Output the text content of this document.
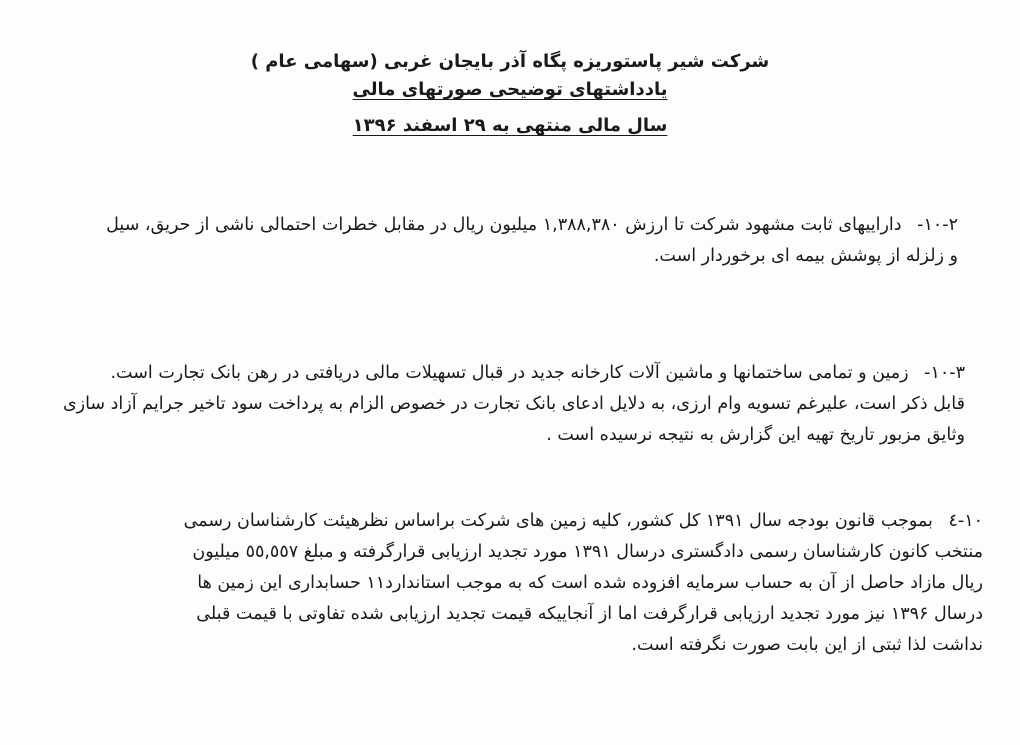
شرکت شیر پاستوریزه پگاه آذر بایجان غربی (سهامی عام )
یادداشتهای توضیحی صورتهای مالی
سال مالی منتهی به ۲۹ اسفند ۱۳۹۶

۱۰-۲- دارایيهای ثابت مشهود شرکت تا ارزش ۱,۳۸۸,۳۸۰ میلیون ریال در مقابل خطرات احتمالی ناشی از حریق، سیل

و زلزله از پوشش بیمه ای برخوردار است.

۱۰-۳- زمین و تمامی ساختمانها و ماشین آلات کارخانه جدید در قبال تسهیلات مالی دریافتی در رهن بانک تجارت است.

قابل ذکر است، علیرغم تسویه وام ارزی، به دلایل ادعای بانک تجارت در خصوص الزام به پرداخت سود تاخیر جرایم آزاد سازی

وثایق مزبور تاریخ تهیه این گزارش به نتیجه نرسیده است .

۱۰-٤ بموجب قانون بودجه سال ۱۳۹۱ کل کشور، کلیه زمین های شرکت براساس نظرهیئت کارشناسان رسمی

منتخب کانون کارشناسان رسمی دادگستری درسال ۱۳۹۱ مورد تجدید ارزیابی قرارگرفته و مبلغ ٥٥,٥٥۷ میلیون

ریال مازاد حاصل از آن به حساب سرمایه افزوده شده است که به موجب استاندارد۱۱ حسابداری این زمین ها

درسال ۱۳۹۶ نیز مورد تجدید ارزیابی قرارگرفت اما از آنجاییکه قیمت تجدید ارزیابی شده تفاوتی با قیمت قبلی

نداشت لذا ثبتی از این بابت صورت نگرفته است.
